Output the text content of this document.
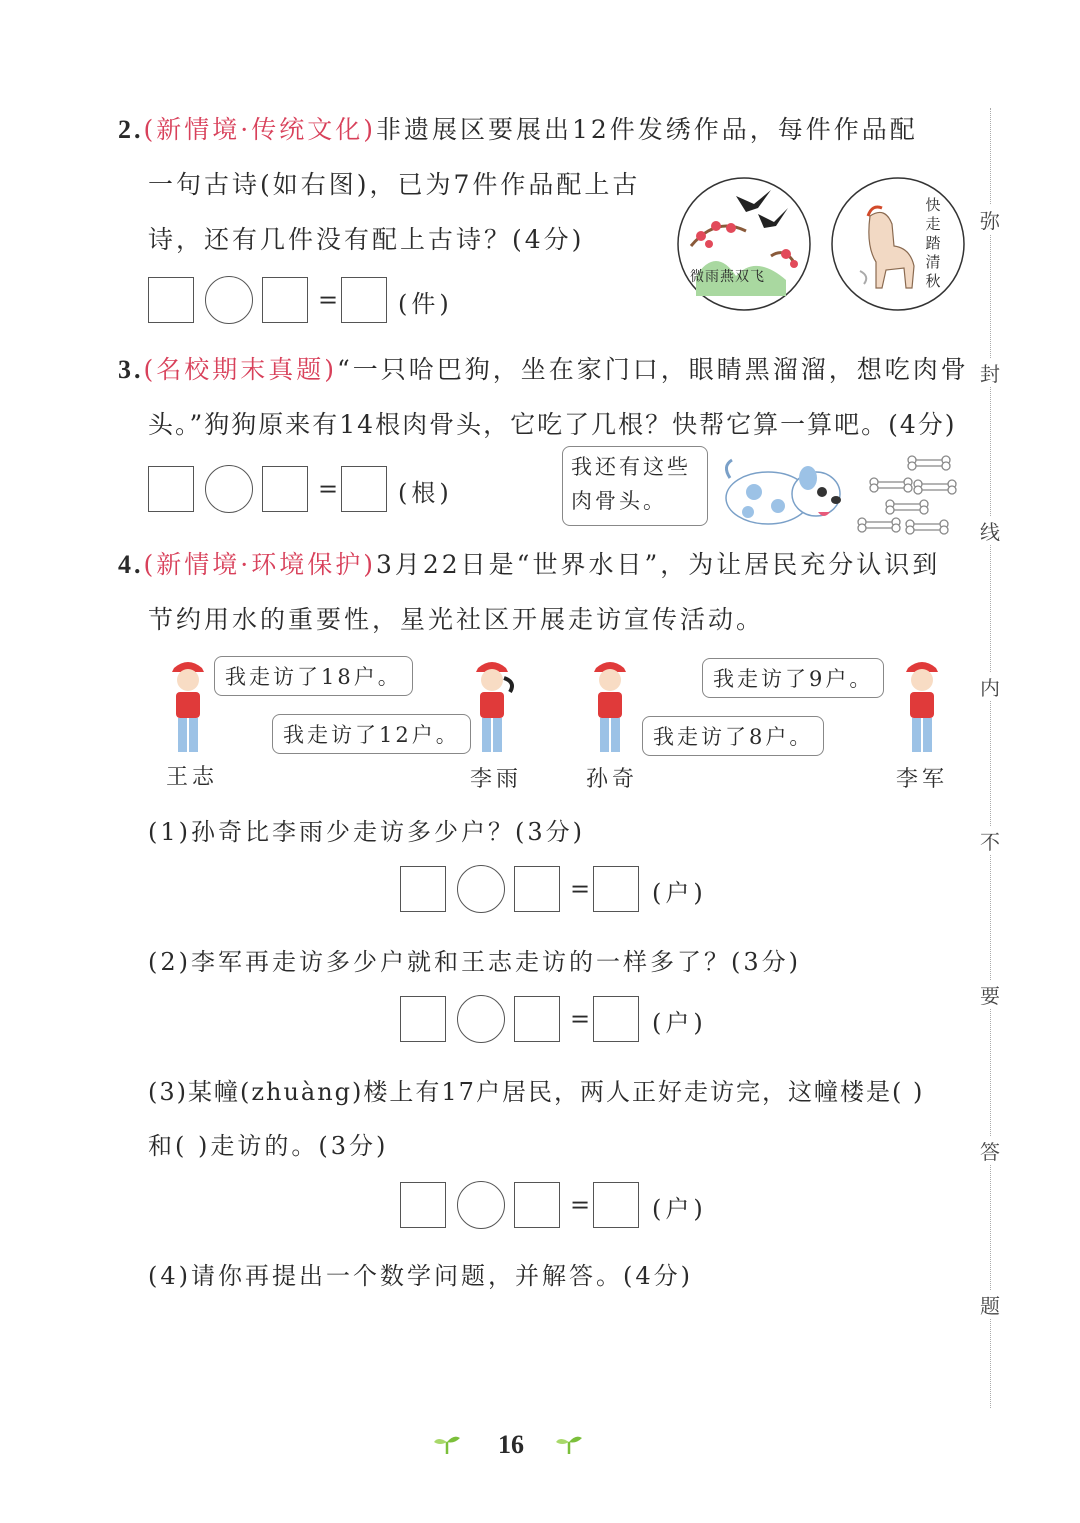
2.(新情境·传统文化)非遗展区要展出12件发绣作品，每件作品配
一句古诗(如右图)，已为7件作品配上古
诗，还有几件没有配上古诗？(4分)
= (件)
微雨燕双飞
快
走
踏
清
秋
3.(名校期末真题)“一只哈巴狗，坐在家门口，眼睛黑溜溜，想吃肉骨
头。”狗狗原来有14根肉骨头，它吃了几根？快帮它算一算吧。(4分)
= (根)
我还有这些
肉骨头。
4.(新情境·环境保护)3月22日是“世界水日”，为让居民充分认识到
节约用水的重要性，星光社区开展走访宣传活动。
我走访了18户。
我走访了12户。	我走访了8户。
我走访了9户。
王志	李雨	孙奇	李军
(1)孙奇比李雨少走访多少户？(3分)
=	(户)
(2)李军再走访多少户就和王志走访的一样多了？(3分)
=	(户)
(3)某幢(zhuàng)楼上有17户居民，两人正好走访完，这幢楼是( )
和( )走访的。(3分)
=	(户)
(4)请你再提出一个数学问题，并解答。(4分)
16
弥
封
线
内
不
要
答
题
